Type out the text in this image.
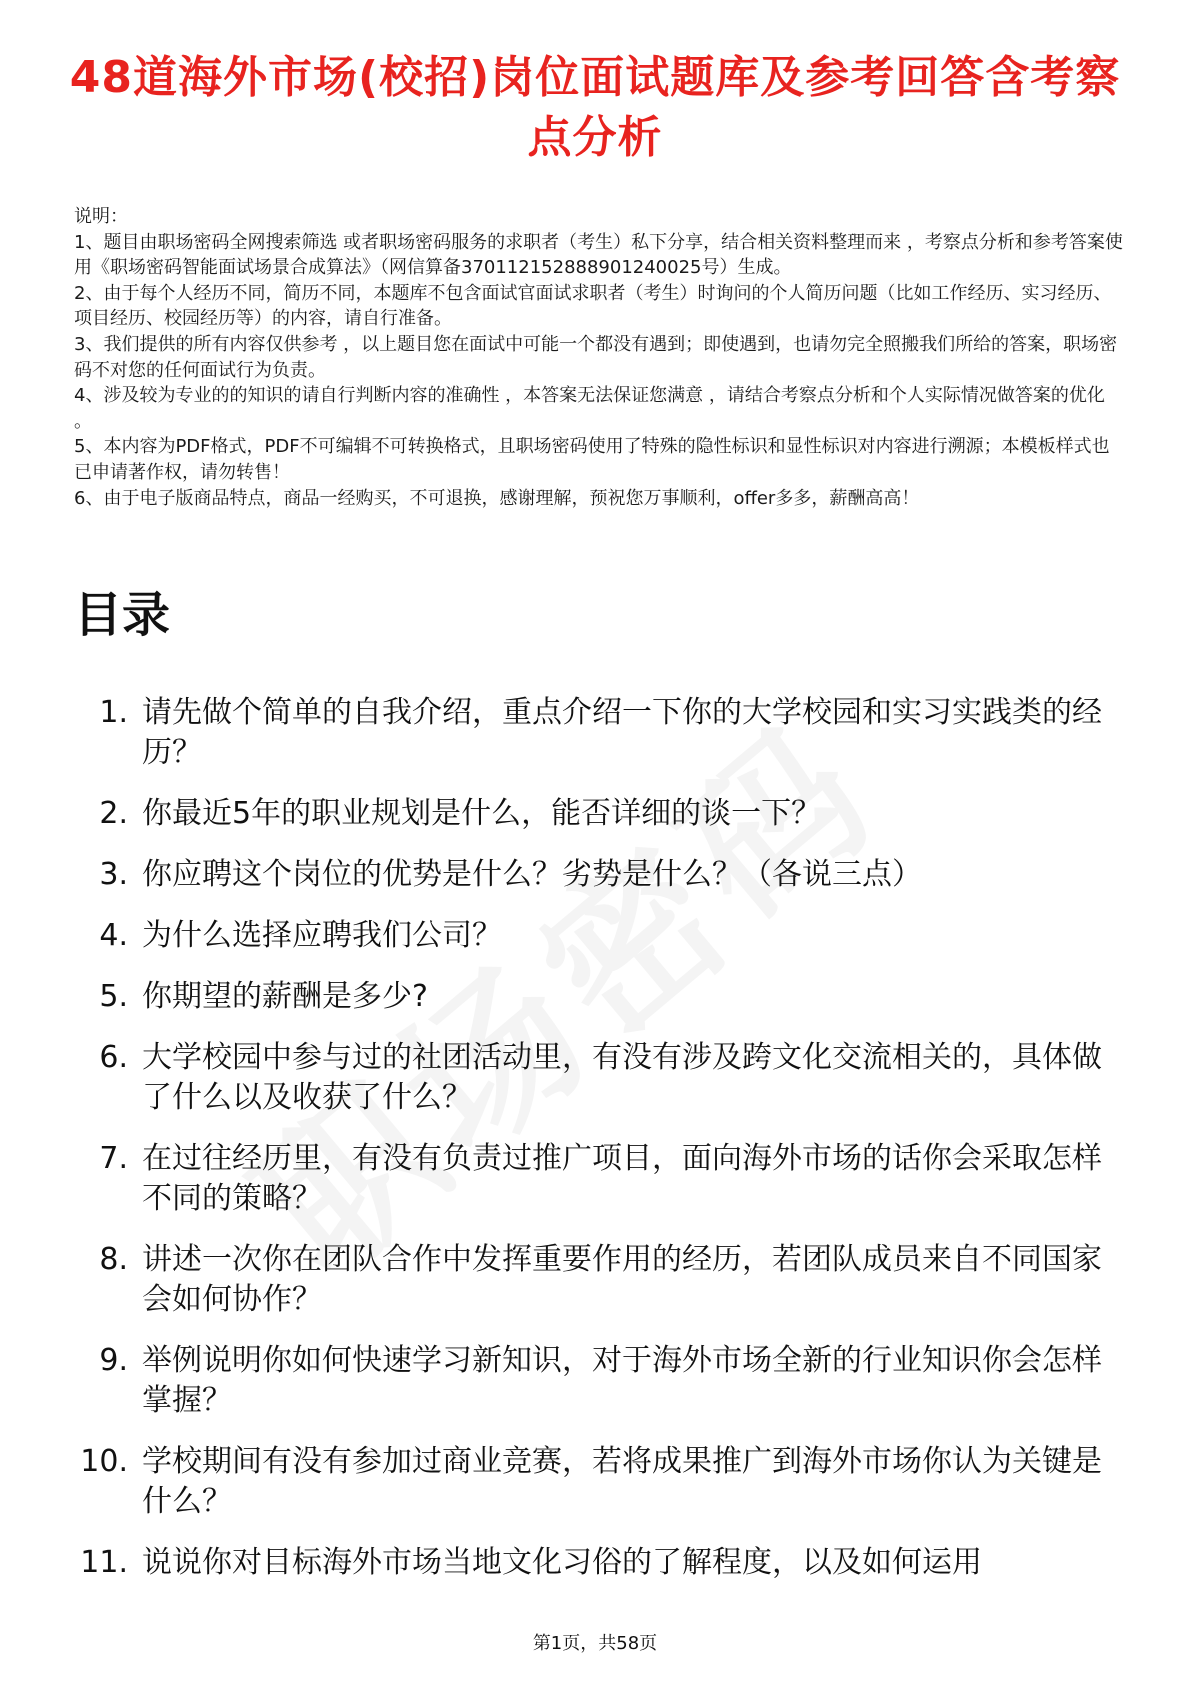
48道海外市场(校招)岗位面试题库及参考回答含考察点分析

说明：

1、题目由职场密码全网搜索筛选 或者职场密码服务的求职者（考生）私下分享，结合相关资料整理而来 ，考察点分析和参考答案使用《职场密码智能面试场景合成算法》（网信算备370112152888901240025号）生成。

2、由于每个人经历不同，简历不同，本题库不包含面试官面试求职者（考生）时询问的个人简历问题（比如工作经历、实习经历、项目经历、校园经历等）的内容，请自行准备。

3、我们提供的所有内容仅供参考 ，以上题目您在面试中可能一个都没有遇到；即使遇到，也请勿完全照搬我们所给的答案，职场密码不对您的任何面试行为负责。

4、涉及较为专业的的知识的请自行判断内容的准确性 ，本答案无法保证您满意 ，请结合考察点分析和个人实际情况做答案的优化 。

5、本内容为PDF格式，PDF不可编辑不可转换格式，且职场密码使用了特殊的隐性标识和显性标识对内容进行溯源；本模板样式也已申请著作权，请勿转售！

6、由于电子版商品特点，商品一经购买，不可退换，感谢理解，预祝您万事顺利，offer多多，薪酬高高！

目录
1. 请先做个简单的自我介绍，重点介绍一下你的大学校园和实习实践类的经历？
2. 你最近5年的职业规划是什么，能否详细的谈一下？
3. 你应聘这个岗位的优势是什么？劣势是什么？（各说三点）
4. 为什么选择应聘我们公司？
5. 你期望的薪酬是多少?
6. 大学校园中参与过的社团活动里，有没有涉及跨文化交流相关的，具体做了什么以及收获了什么？
7. 在过往经历里，有没有负责过推广项目，面向海外市场的话你会采取怎样不同的策略？
8. 讲述一次你在团队合作中发挥重要作用的经历，若团队成员来自不同国家会如何协作？
9. 举例说明你如何快速学习新知识，对于海外市场全新的行业知识你会怎样掌握？
10. 学校期间有没有参加过商业竞赛，若将成果推广到海外市场你认为关键是什么？
11. 说说你对目标海外市场当地文化习俗的了解程度，以及如何运用
第1页，共58页
